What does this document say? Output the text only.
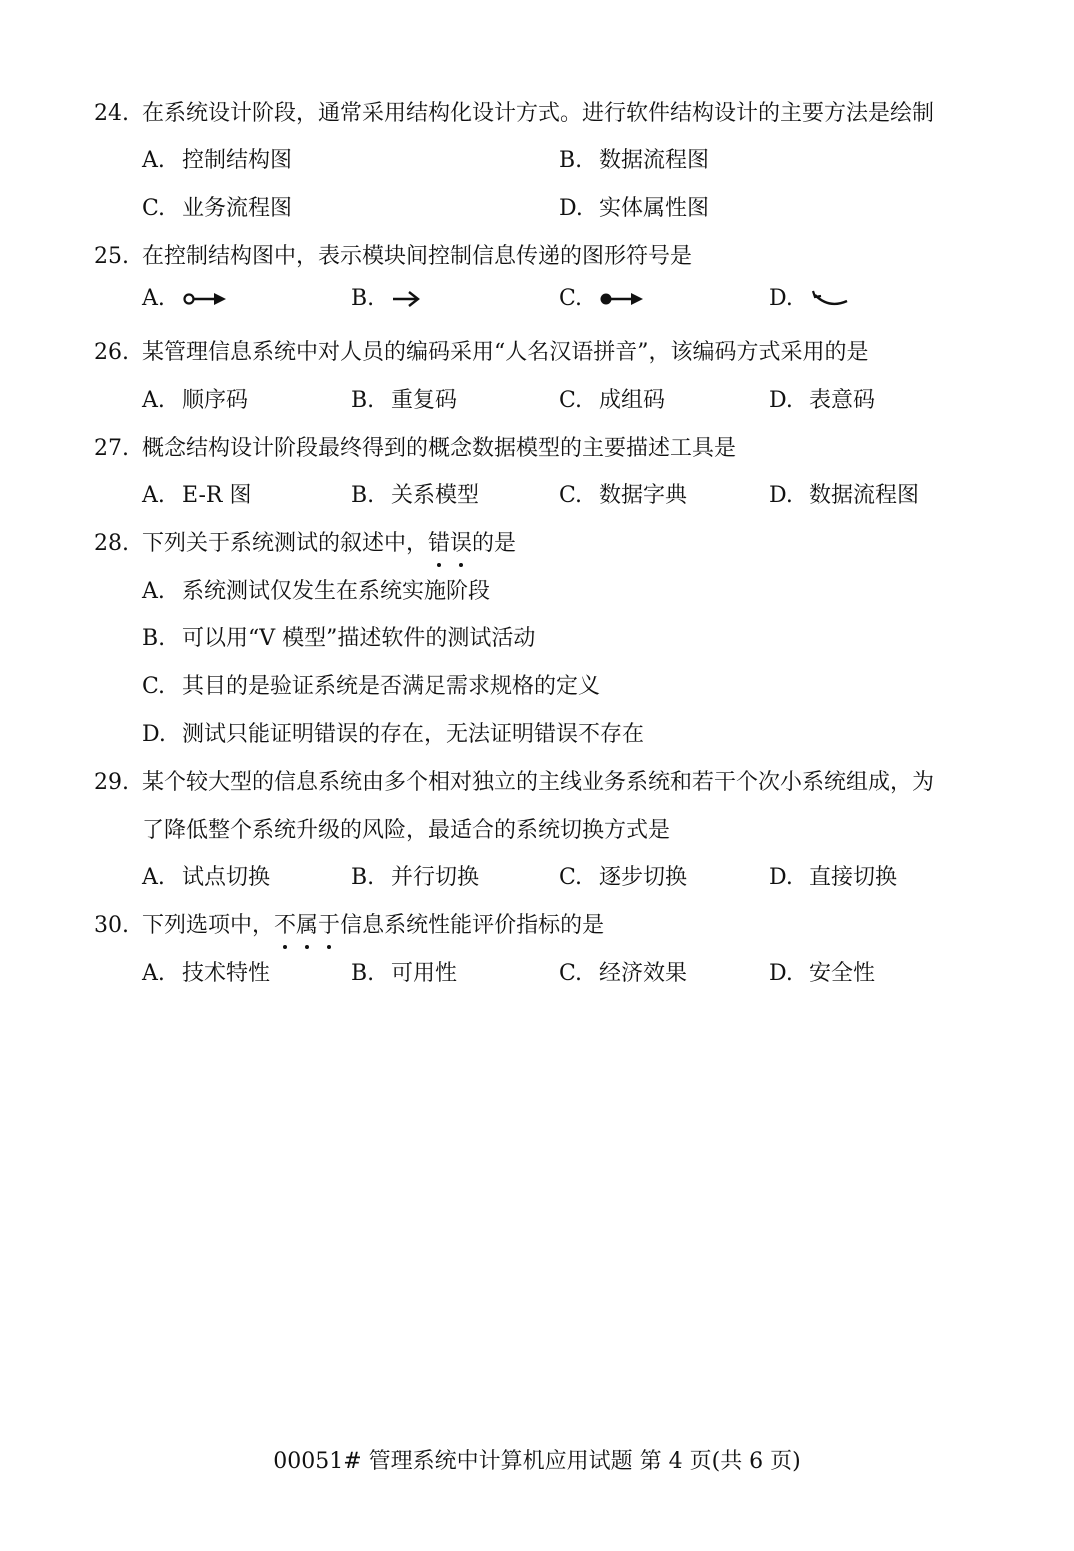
24. 在系统设计阶段，通常采用结构化设计方式。进行软件结构设计的主要方法是绘制
A. 控制结构图	B. 数据流程图
C. 业务流程图	D. 实体属性图
25. 在控制结构图中，表示模块间控制信息传递的图形符号是
A.	B.	C.	D.
26. 某管理信息系统中对人员的编码采用“人名汉语拼音”，该编码方式采用的是
A. 顺序码	B. 重复码	C. 成组码	D. 表意码
27. 概念结构设计阶段最终得到的概念数据模型的主要描述工具是
A. E-R 图	B. 关系模型	C. 数据字典	D. 数据流程图
28. 下列关于系统测试的叙述中，错误的是
A. 系统测试仅发生在系统实施阶段
B. 可以用“V 模型”描述软件的测试活动
C. 其目的是验证系统是否满足需求规格的定义
D. 测试只能证明错误的存在，无法证明错误不存在
29. 某个较大型的信息系统由多个相对独立的主线业务系统和若干个次小系统组成，为
了降低整个系统升级的风险，最适合的系统切换方式是
A. 试点切换	B. 并行切换	C. 逐步切换	D. 直接切换
30. 下列选项中，不属于信息系统性能评价指标的是
A. 技术特性	B. 可用性	C. 经济效果	D. 安全性
00051# 管理系统中计算机应用试题 第 4 页(共 6 页)
